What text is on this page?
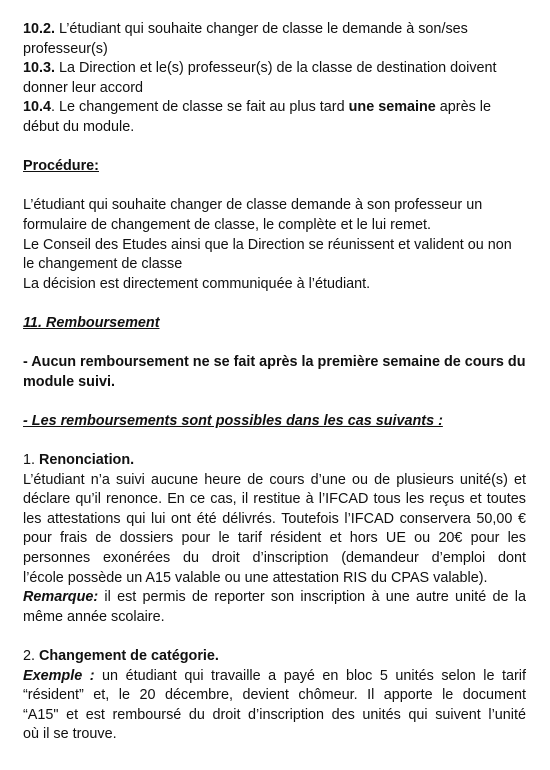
10.2. L’étudiant qui souhaite changer de classe le demande à son/ses

professeur(s)

10.3. La Direction et le(s) professeur(s) de la classe de destination doivent

donner leur accord

10.4. Le changement de classe se fait au plus tard une semaine après le

début du module.

Procédure:

L’étudiant qui souhaite changer de classe demande à son professeur un

formulaire de changement de classe, le complète et le lui remet.

Le Conseil des Etudes ainsi que la Direction se réunissent et valident ou non

le changement de classe

La décision est directement communiquée à l’étudiant.

11. Remboursement

- Aucun remboursement ne se fait après la première semaine de cours du

module suivi.

- Les remboursements sont possibles dans les cas suivants :

1. Renonciation.

L’étudiant n’a suivi aucune heure de cours d’une ou de plusieurs unité(s) et

déclare qu’il renonce. En ce cas, il restitue à l’IFCAD tous les reçus et toutes

les attestations qui lui ont été délivrés. Toutefois l’IFCAD conservera 50,00 €

pour frais de dossiers pour le tarif résident et hors UE ou 20€ pour les

personnes exonérées du droit d’inscription (demandeur d’emploi dont

l’école possède un A15 valable ou une attestation RIS du CPAS valable).

Remarque: il est permis de reporter son inscription à une autre unité de la

même année scolaire.

2. Changement de catégorie.

Exemple : un étudiant qui travaille a payé en bloc 5 unités selon le tarif

“résident” et, le 20 décembre, devient chômeur. Il apporte le document

“A15" et est remboursé du droit d’inscription des unités qui suivent l’unité

où il se trouve.
